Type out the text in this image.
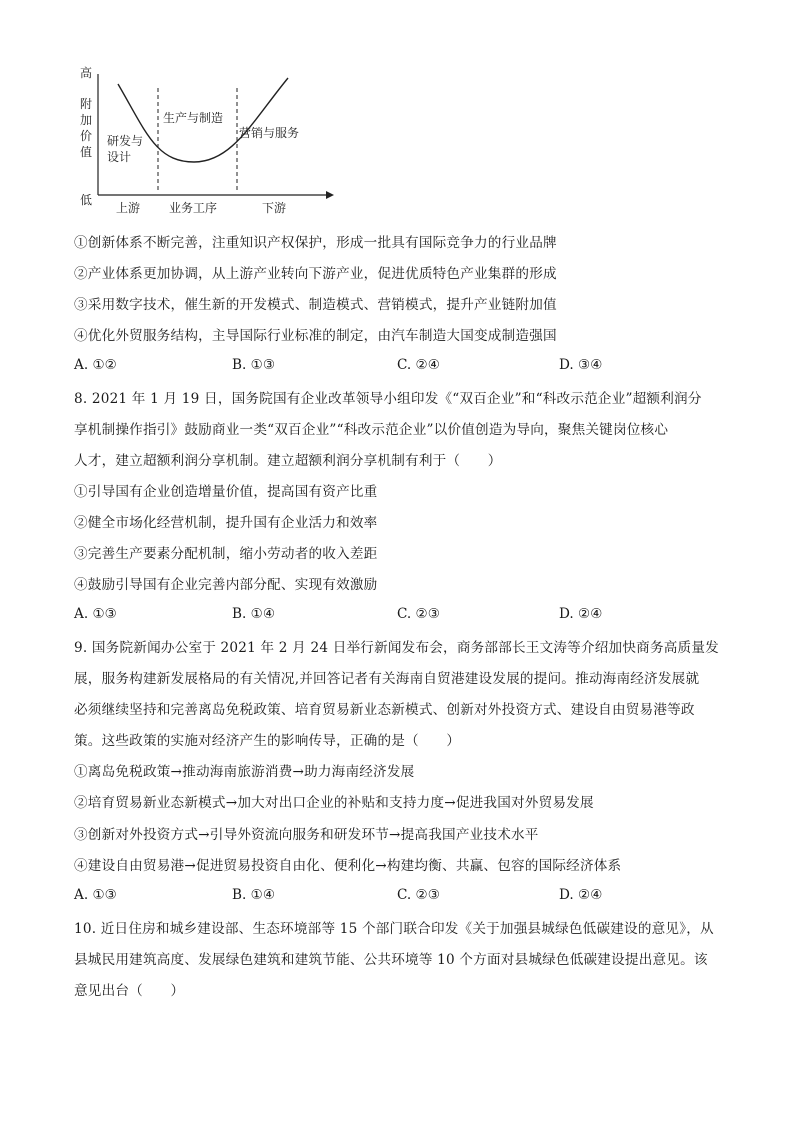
高
附
加
价
值
低
研发与
设计
生产与制造
营销与服务
上游 业务工序	下游
①创新体系不断完善，注重知识产权保护，形成一批具有国际竞争力的行业品牌
②产业体系更加协调，从上游产业转向下游产业，促进优质特色产业集群的形成
③采用数字技术，催生新的开发模式、制造模式、营销模式，提升产业链附加值
④优化外贸服务结构，主导国际行业标准的制定，由汽车制造大国变成制造强国
A. ①②	B. ①③	C. ②④	D. ③④
8. 2021 年 1 月 19 日，国务院国有企业改革领导小组印发《“双百企业”和“科改示范企业”超额利润分
享机制操作指引》鼓励商业一类“双百企业”“科改示范企业”以价值创造为导向，聚焦关键岗位核心
人才，建立超额利润分享机制。建立超额利润分享机制有利于（　　）
①引导国有企业创造增量价值，提高国有资产比重
②健全市场化经营机制，提升国有企业活力和效率
③完善生产要素分配机制，缩小劳动者的收入差距
④鼓励引导国有企业完善内部分配、实现有效激励
A. ①③	B. ①④	C. ②③	D. ②④
9. 国务院新闻办公室于 2021 年 2 月 24 日举行新闻发布会，商务部部长王文涛等介绍加快商务高质量发
展，服务构建新发展格局的有关情况,并回答记者有关海南自贸港建设发展的提问。推动海南经济发展就
必须继续坚持和完善离岛免税政策、培育贸易新业态新模式、创新对外投资方式、建设自由贸易港等政
策。这些政策的实施对经济产生的影响传导，正确的是（　　）
①离岛免税政策→推动海南旅游消费→助力海南经济发展
②培育贸易新业态新模式→加大对出口企业的补贴和支持力度→促进我国对外贸易发展
③创新对外投资方式→引导外资流向服务和研发环节→提高我国产业技术水平
④建设自由贸易港→促进贸易投资自由化、便利化→构建均衡、共赢、包容的国际经济体系
A. ①③	B. ①④	C. ②③	D. ②④
10. 近日住房和城乡建设部、生态环境部等 15 个部门联合印发《关于加强县城绿色低碳建设的意见》，从
县城民用建筑高度、发展绿色建筑和建筑节能、公共环境等 10 个方面对县城绿色低碳建设提出意见。该
意见出台（　　）
